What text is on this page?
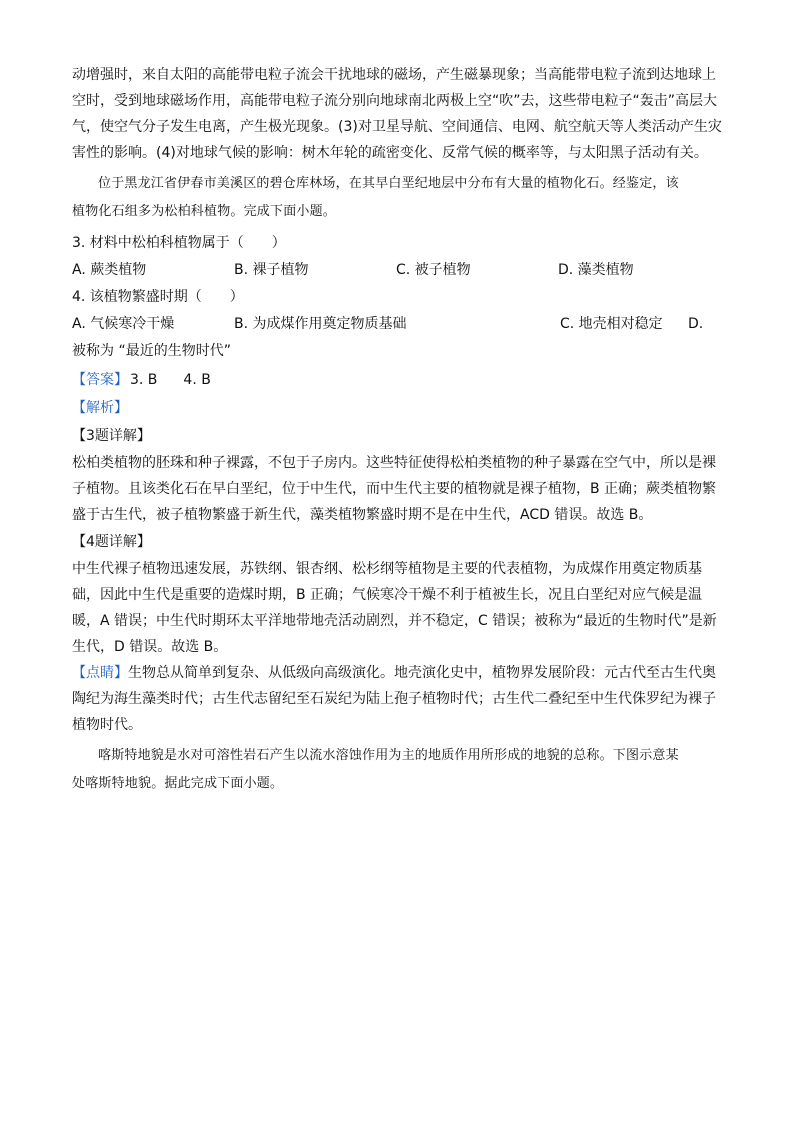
动增强时，来自太阳的高能带电粒子流会干扰地球的磁场，产生磁暴现象；当高能带电粒子流到达地球上

空时，受到地球磁场作用，高能带电粒子流分别向地球南北两极上空“吹”去，这些带电粒子“轰击”高层大

气，使空气分子发生电离，产生极光现象。(3)对卫星导航、空间通信、电网、航空航天等人类活动产生灾

害性的影响。(4)对地球气候的影响：树木年轮的疏密变化、反常气候的概率等，与太阳黑子活动有关。

位于黑龙江省伊春市美溪区的碧仓库林场，在其早白垩纪地层中分布有大量的植物化石。经鉴定，该

植物化石组多为松柏科植物。完成下面小题。

3. 材料中松柏科植物属于（　　）

A. 蕨类植物	B. 裸子植物	C. 被子植物	D. 藻类植物

4. 该植物繁盛时期（　　）

A. 气候寒冷干燥	B. 为成煤作用奠定物质基础	C. 地壳相对稳定	D.

被称为 “最近的生物时代”

【答案】 3. B 4. B

【解析】

【3题详解】

松柏类植物的胚珠和种子裸露，不包于子房内。这些特征使得松柏类植物的种子暴露在空气中，所以是裸

子植物。且该类化石在早白垩纪，位于中生代，而中生代主要的植物就是裸子植物，B 正确；蕨类植物繁

盛于古生代，被子植物繁盛于新生代，藻类植物繁盛时期不是在中生代，ACD 错误。故选 B。

【4题详解】

中生代裸子植物迅速发展，苏铁纲、银杏纲、松杉纲等植物是主要的代表植物，为成煤作用奠定物质基

础，因此中生代是重要的造煤时期，B 正确；气候寒冷干燥不利于植被生长，况且白垩纪对应气候是温

暖，A 错误；中生代时期环太平洋地带地壳活动剧烈，并不稳定，C 错误；被称为“最近的生物时代”是新

生代，D 错误。故选 B。

【点睛】生物总从简单到复杂、从低级向高级演化。地壳演化史中，植物界发展阶段：元古代至古生代奥

陶纪为海生藻类时代；古生代志留纪至石炭纪为陆上孢子植物时代；古生代二叠纪至中生代侏罗纪为裸子

植物时代。

喀斯特地貌是水对可溶性岩石产生以流水溶蚀作用为主的地质作用所形成的地貌的总称。下图示意某

处喀斯特地貌。据此完成下面小题。
